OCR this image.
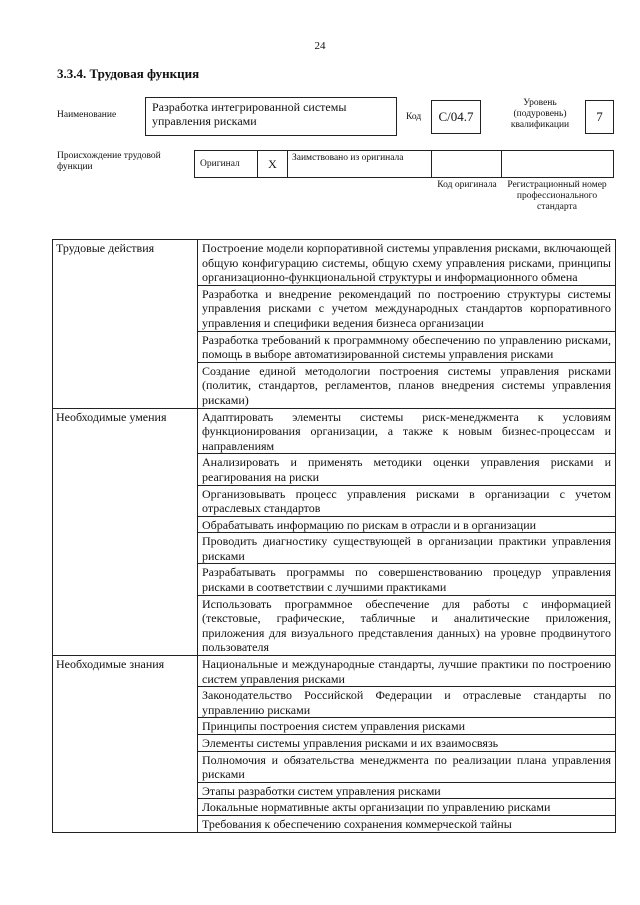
24
3.3.4. Трудовая функция
Наименование
Разработка интегрированной системы управления рисками	Код	C/04.7
Уровень (подуровень) квалификации
7
Происхождение трудовой функции	Оригинал	X	Заимствовано из оригинала
Код оригинала	Регистрационный номер профессионального стандарта
Трудовые действия	Построение модели корпоративной системы управления рисками, включающей общую конфигурацию системы, общую схему управления рисками, принципы организационно-функциональной структуры и информационного обмена
	Разработка и внедрение рекомендаций по построению структуры системы управления рисками с учетом международных стандартов корпоративного управления и специфики ведения бизнеса организации
	Разработка требований к программному обеспечению по управлению рисками, помощь в выборе автоматизированной системы управления рисками
	Создание единой методологии построения системы управления рисками (политик, стандартов, регламентов, планов внедрения системы управления рисками)
Необходимые умения	Адаптировать элементы системы риск-менеджмента к условиям функционирования организации, а также к новым бизнес-процессам и направлениям
	Анализировать и применять методики оценки управления рисками и реагирования на риски
	Организовывать процесс управления рисками в организации с учетом отраслевых стандартов
	Обрабатывать информацию по рискам в отрасли и в организации
	Проводить диагностику существующей в организации практики управления рисками
	Разрабатывать программы по совершенствованию процедур управления рисками в соответствии с лучшими практиками
	Использовать программное обеспечение для работы с информацией (текстовые, графические, табличные и аналитические приложения, приложения для визуального представления данных) на уровне продвинутого пользователя
Необходимые знания	Национальные и международные стандарты, лучшие практики по построению систем управления рисками
	Законодательство Российской Федерации и отраслевые стандарты по управлению рисками
	Принципы построения систем управления рисками
	Элементы системы управления рисками и их взаимосвязь
	Полномочия и обязательства менеджмента по реализации плана управления рисками
	Этапы разработки систем управления рисками
	Локальные нормативные акты организации по управлению рисками
	Требования к обеспечению сохранения коммерческой тайны
